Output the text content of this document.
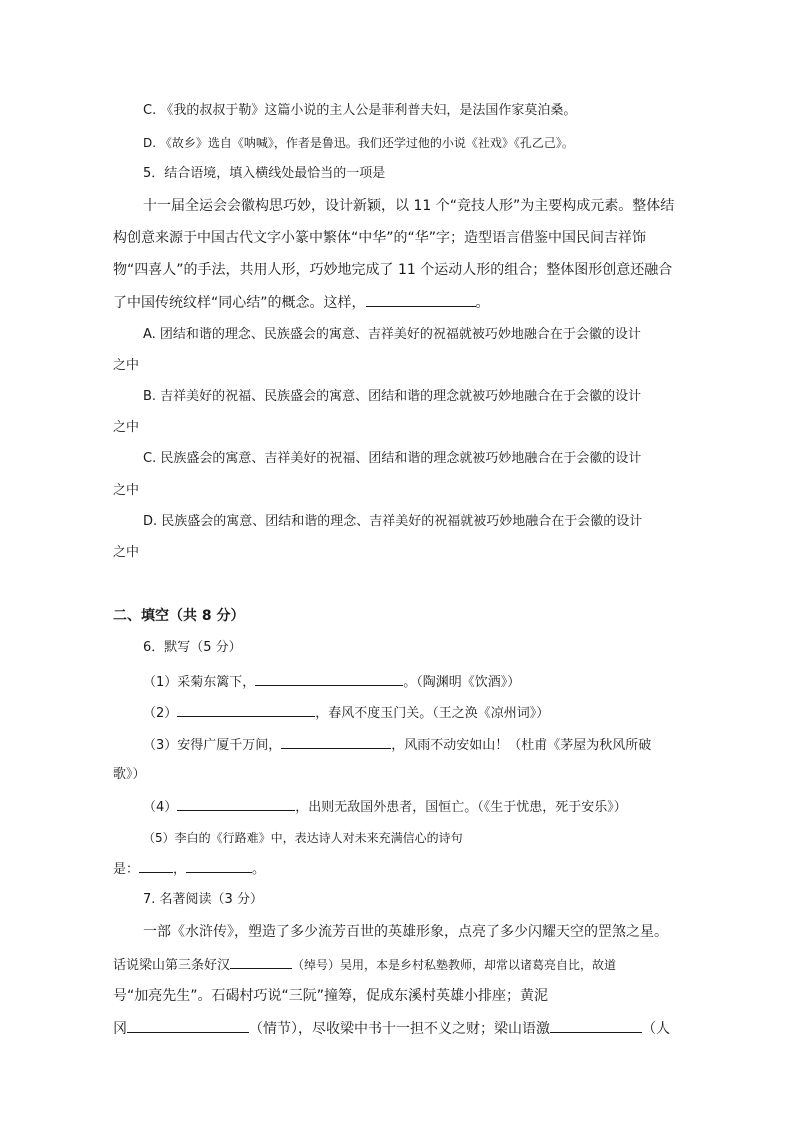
C. 《我的叔叔于勒》这篇小说的主人公是菲利普夫妇，是法国作家莫泊桑。
D. 《故乡》选自《呐喊》，作者是鲁迅。我们还学过他的小说《社戏》《孔乙己》。
5．结合语境，填入横线处最恰当的一项是
十一届全运会会徽构思巧妙，设计新颖，以 11 个“竞技人形”为主要构成元素。整体结
构创意来源于中国古代文字小篆中繁体“中华”的“华”字；造型语言借鉴中国民间吉祥饰
物“四喜人”的手法，共用人形，巧妙地完成了 11 个运动人形的组合；整体图形创意还融合
了中国传统纹样“同心结”的概念。这样，	。
A. 团结和谐的理念、民族盛会的寓意、吉祥美好的祝福就被巧妙地融合在于会徽的设计
之中
B. 吉祥美好的祝福、民族盛会的寓意、团结和谐的理念就被巧妙地融合在于会徽的设计
之中
C. 民族盛会的寓意、吉祥美好的祝福、团结和谐的理念就被巧妙地融合在于会徽的设计
之中
D. 民族盛会的寓意、团结和谐的理念、吉祥美好的祝福就被巧妙地融合在于会徽的设计
之中
二、填空（共 8 分）
6．默写（5 分）
（1）采菊东篱下，	。（陶渊明《饮酒》）
（2）	，春风不度玉门关。（王之涣《凉州词》）
（3）安得广厦千万间，	，风雨不动安如山！（杜甫《茅屋为秋风所破
歌》）
（4）	，出则无敌国外患者，国恒亡。（《生于忧患，死于安乐》）
（5）李白的《行路难》中，表达诗人对未来充满信心的诗句
是：	，	。
7. 名著阅读（3 分）
一部《水浒传》，塑造了多少流芳百世的英雄形象，点亮了多少闪耀天空的罡煞之星。
话说梁山第三条好汉	（绰号）吴用，本是乡村私塾教师，却常以诸葛亮自比，故道
号“加亮先生”。石碣村巧说“三阮”撞筹，促成东溪村英雄小排座；黄泥
冈	（情节），尽收梁中书十一担不义之财；梁山语激	（人
